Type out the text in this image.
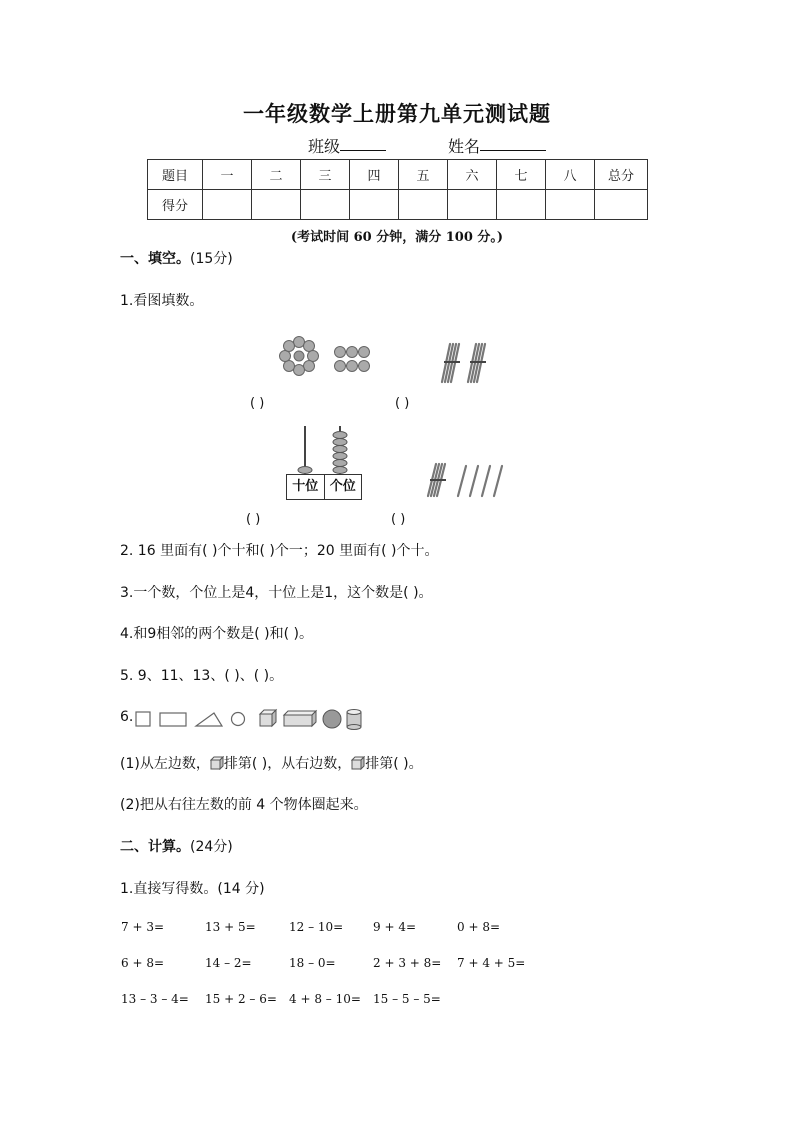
一年级数学上册第九单元测试题
班级	姓名
题目	一	二	三	四	五	六	七	八	总分
得分									
(考试时间 60 分钟，满分 100 分。)
一、填空。(15分)
1.看图填数。
( )	( )
十位 个位
( )	( )
2. 16 里面有( )个十和( )个一；20 里面有( )个十。
3.一个数，个位上是4，十位上是1，这个数是( )。
4.和9相邻的两个数是( )和( )。
5. 9、11、13、( )、( )。
6.
(1)从左边数， 排第( )，从右边数， 排第( )。
(2)把从右往左数的前 4 个物体圈起来。
二、计算。(24分)
1.直接写得数。(14 分)
7 + 3=	13 + 5=	12 – 10= 9 + 4=	0 + 8=
6 + 8=	14 – 2=	18 – 0=	2 + 3 + 8= 7 + 4 + 5=
13 – 3 – 4= 15 + 2 – 6= 4 + 8 – 10= 15 – 5 – 5=
